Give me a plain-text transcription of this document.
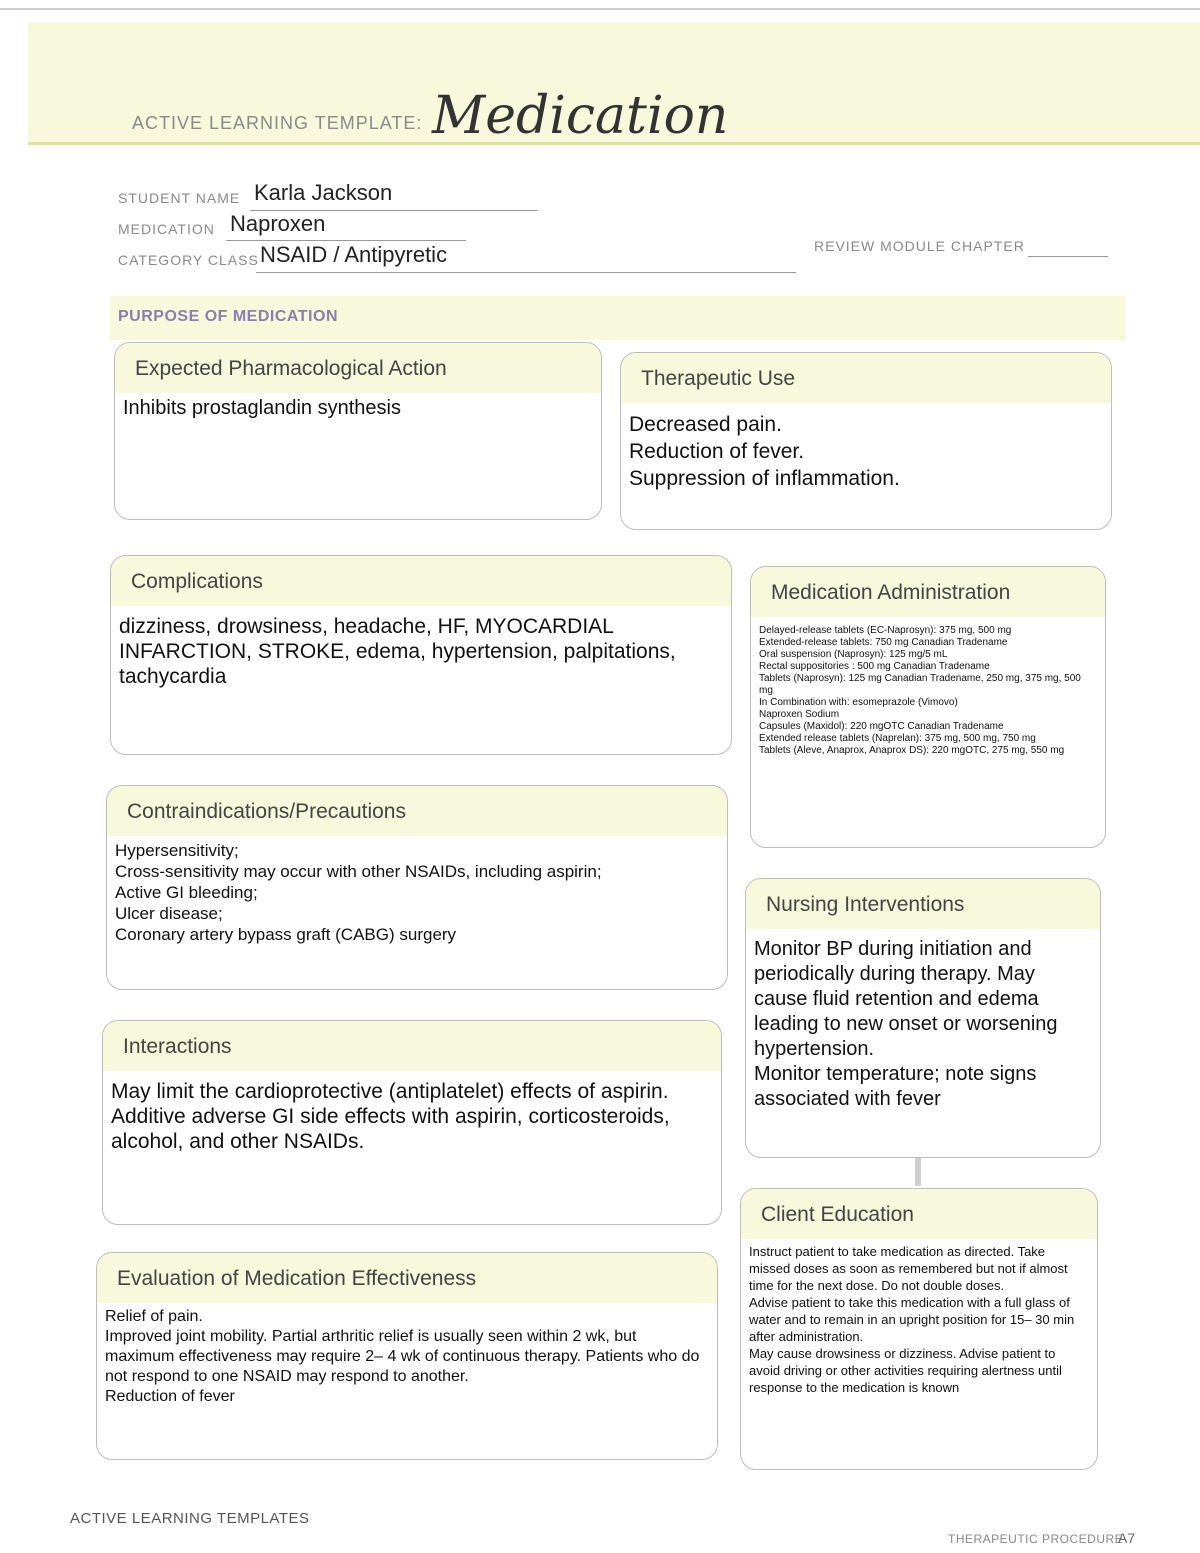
ACTIVE LEARNING TEMPLATE: Medication
STUDENT NAME Karla Jackson
MEDICATION Naproxen
CATEGORY CLASS NSAID / Antipyretic	REVIEW MODULE CHAPTER
PURPOSE OF MEDICATION
Expected Pharmacological Action
Inhibits prostaglandin synthesis
Therapeutic Use
Decreased pain.
Reduction of fever.
Suppression of inflammation.
Complications
dizziness, drowsiness, headache, HF, MYOCARDIAL INFARCTION, STROKE, edema, hypertension, palpitations, tachycardia
Contraindications/Precautions
Hypersensitivity;
Cross-sensitivity may occur with other NSAIDs, including aspirin;
Active GI bleeding;
Ulcer disease;
Coronary artery bypass graft (CABG) surgery
Interactions
May limit the cardioprotective (antiplatelet) effects of aspirin.
Additive adverse GI side effects with aspirin, corticosteroids, alcohol, and other NSAIDs.
Evaluation of Medication Effectiveness
Relief of pain.
Improved joint mobility. Partial arthritic relief is usually seen within 2 wk, but maximum effectiveness may require 2– 4 wk of continuous therapy. Patients who do not respond to one NSAID may respond to another.
Reduction of fever
Medication Administration
Delayed-release tablets (EC-Naprosyn): 375 mg, 500 mg
Extended-release tablets: 750 mg Canadian Tradename
Oral suspension (Naprosyn): 125 mg/5 mL
Rectal suppositories : 500 mg Canadian Tradename
Tablets (Naprosyn): 125 mg Canadian Tradename, 250 mg, 375 mg, 500 mg
In Combination with: esomeprazole (Vimovo)
Naproxen Sodium
Capsules (Maxidol): 220 mgOTC Canadian Tradename
Extended release tablets (Naprelan): 375 mg, 500 mg, 750 mg
Tablets (Aleve, Anaprox, Anaprox DS): 220 mgOTC, 275 mg, 550 mg
Nursing Interventions
Monitor BP during initiation and periodically during therapy. May cause fluid retention and edema leading to new onset or worsening hypertension.
Monitor temperature; note signs associated with fever
Client Education
Instruct patient to take medication as directed. Take missed doses as soon as remembered but not if almost time for the next dose. Do not double doses.
Advise patient to take this medication with a full glass of water and to remain in an upright position for 15– 30 min after administration.
May cause drowsiness or dizziness. Advise patient to avoid driving or other activities requiring alertness until response to the medication is known
ACTIVE LEARNING TEMPLATES
THERAPEUTIC PROCEDURE
A7
